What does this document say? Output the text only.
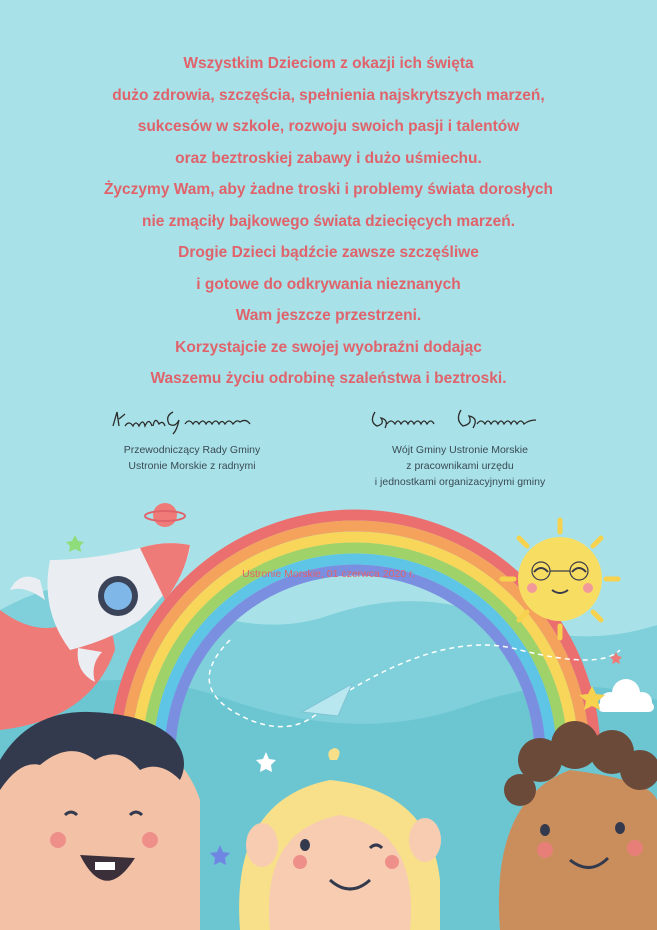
Wszystkim Dzieciom z okazji ich święta
dużo zdrowia, szczęścia, spełnienia najskrytszych marzeń,
sukcesów w szkole, rozwoju swoich pasji i talentów
oraz beztroskiej zabawy i dużo uśmiechu.
Życzymy Wam, aby żadne troski i problemy świata dorosłych
nie zmąciły bajkowego świata dziecięcych marzeń.
Drogie Dzieci bądźcie zawsze szczęśliwe
i gotowe do odkrywania nieznanych
Wam jeszcze przestrzeni.
Korzystajcie ze swojej wyobraźni dodając
Waszemu życiu odrobinę szaleństwa i beztroski.

Przewodniczący Rady Gminy
Ustronie Morskie z radnymi
Wójt Gminy Ustronie Morskie
z pracownikami urzędu
i jednostkami organizacyjnymi gminy
Ustronie Morskie, 01 czerwca 2020 r.
